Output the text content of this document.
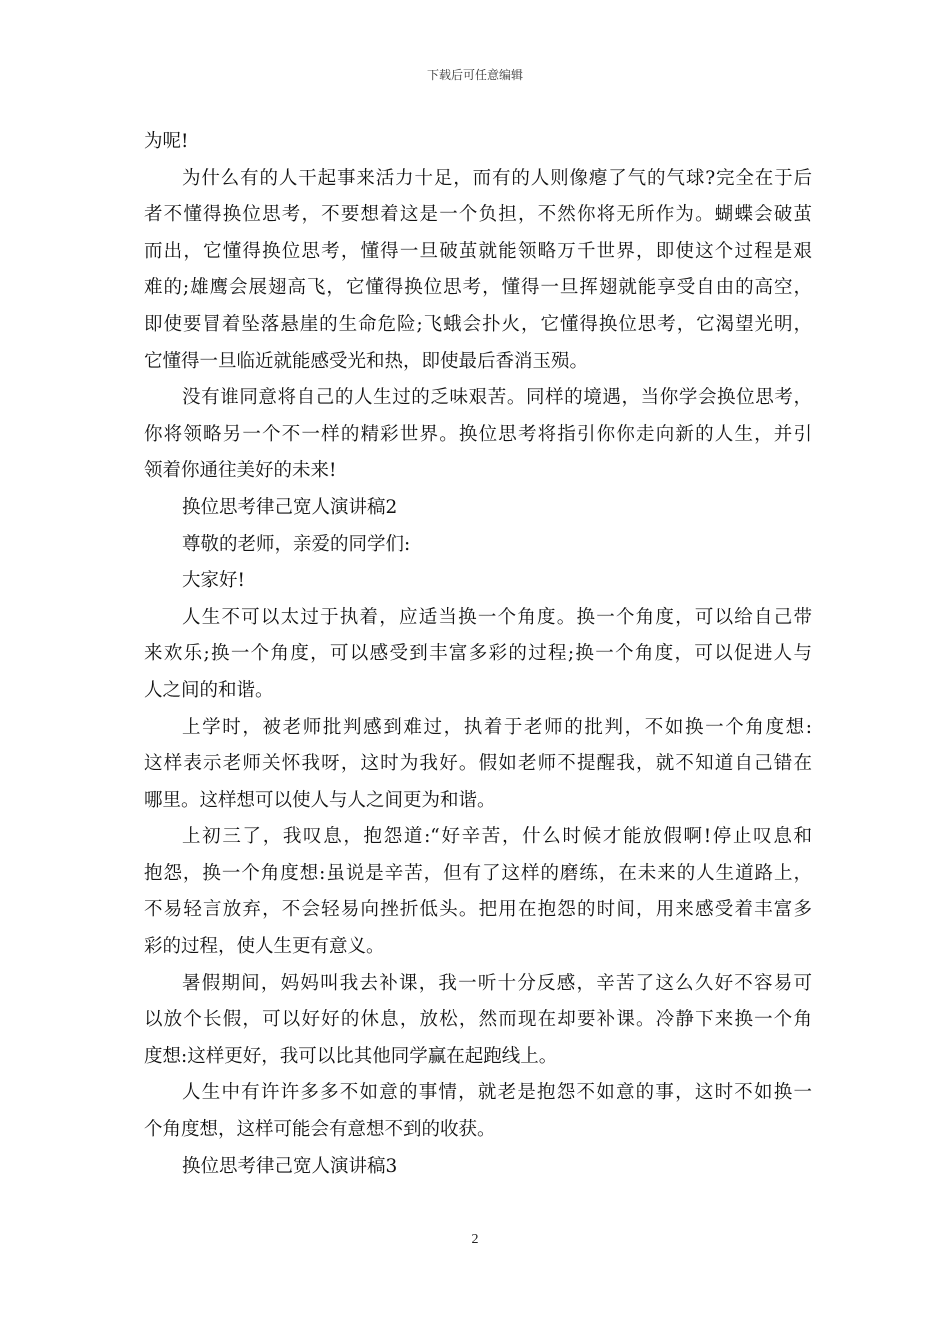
下载后可任意编辑
为呢!
为什么有的人干起事来活力十足，而有的人则像瘪了气的气球?完全在于后
者不懂得换位思考，不要想着这是一个负担，不然你将无所作为。蝴蝶会破茧
而出，它懂得换位思考，懂得一旦破茧就能领略万千世界，即使这个过程是艰
难的;雄鹰会展翅高飞，它懂得换位思考，懂得一旦挥翅就能享受自由的高空，
即使要冒着坠落悬崖的生命危险;飞蛾会扑火，它懂得换位思考，它渴望光明，
它懂得一旦临近就能感受光和热，即使最后香消玉殒。
没有谁同意将自己的人生过的乏味艰苦。同样的境遇，当你学会换位思考，
你将领略另一个不一样的精彩世界。换位思考将指引你你走向新的人生，并引
领着你通往美好的未来!
换位思考律己宽人演讲稿2
尊敬的老师，亲爱的同学们:
大家好!
人生不可以太过于执着，应适当换一个角度。换一个角度，可以给自己带
来欢乐;换一个角度，可以感受到丰富多彩的过程;换一个角度，可以促进人与
人之间的和谐。
上学时，被老师批判感到难过，执着于老师的批判，不如换一个角度想:
这样表示老师关怀我呀，这时为我好。假如老师不提醒我，就不知道自己错在
哪里。这样想可以使人与人之间更为和谐。
上初三了，我叹息，抱怨道:“好辛苦，什么时候才能放假啊!停止叹息和
抱怨，换一个角度想:虽说是辛苦，但有了这样的磨练，在未来的人生道路上，
不易轻言放弃，不会轻易向挫折低头。把用在抱怨的时间，用来感受着丰富多
彩的过程，使人生更有意义。
暑假期间，妈妈叫我去补课，我一听十分反感，辛苦了这么久好不容易可
以放个长假，可以好好的休息，放松，然而现在却要补课。冷静下来换一个角
度想:这样更好，我可以比其他同学赢在起跑线上。
人生中有许许多多不如意的事情，就老是抱怨不如意的事，这时不如换一
个角度想，这样可能会有意想不到的收获。
换位思考律己宽人演讲稿3
2
